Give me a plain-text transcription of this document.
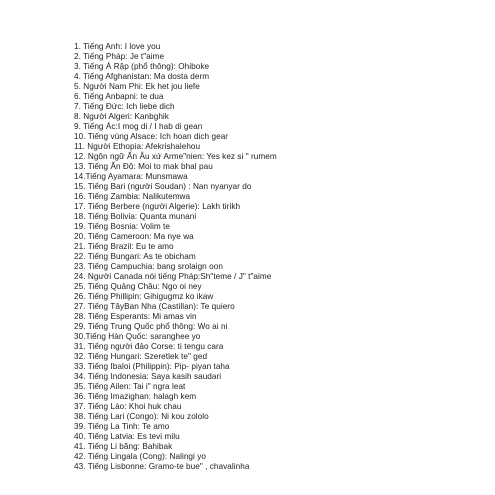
1. Tiếng Anh: I love you
2. Tiếng Pháp: Je t"aime
3. Tiếng Á Rập (phổ thông): Ohiboke
4. Tiếng Afghanistan: Ma dosta derm
5. Người Nam Phi: Ek het jou liefe
6. Tiếng Anbapni: te dua
7. Tiếng Đức: Ich liebe dich
8. Người Algeri: Kanbghik
9. Tiếng Ác:I mog di / I hab di gean
10. Tiếng vùng Alsace: Ich hoan dich gear
11. Người Ethopia: Afekrishalehou
12. Ngôn ngữ Ấn Âu xứ Arme"nien: Yes kez si " rumem
13. Tiếng Ấn Độ: Moi to mak bhal pau
14.Tiếng Ayamara: Munsmawa
15. Tiếng Bari (người Soudan) : Nan nyanyar do
16. Tiếng Zambia: Nalikutemwa
17. Tiếng Berbere (người Algerie): Lakh tirikh
18. Tiếng Bolivia: Quanta munani
19. Tiếng Bosnia: Volim te
20. Tiếng Cameroon: Ma nye wa
21. Tiếng Brazil: Eu te amo
22. Tiếng Bungari: As te obicham
23. Tiếng Campuchia: bang srolaign oon
24. Người Canada nói tiếng Pháp:Sh"teme / J" t"aime
25. Tiếng Quảng Châu: Ngo oi ney
26. Tiếng Phillipin: Gihigugmz ko ikaw
27. Tiếng TâyBan Nha (Castillan): Te quiero
28. Tiếng Esperants: Mi amas vin
29. Tiếng Trung Quốc phổ thông: Wo ai ni
30.Tiếng Hàn Quốc: saranghee yo
31. Tiếng người đảo Corse: ti tengu cara
32. Tiếng Hungari: Szeretlek te" ged
33. Tiếng Ibaloi (Philippin): Pip- piyan taha
34. Tiếng Indonesia: Saya kasih saudari
35. Tiếng Ailen: Tai i" ngra leat
36. Tiếng Imazighan: halagh kem
37. Tiếng Lào: Khoi huk chau
38. Tiếng Lari (Congo): Ni kou zololo
39. Tiếng La Tinh: Te amo
40. Tiếng Latvia: Es tevi milu
41. Tiếng Li băng: Bahibak
42. Tiếng Lingala (Cong): Nalingi yo
43. Tiếng Lisbonne: Gramo-te bue" , chavalinha
